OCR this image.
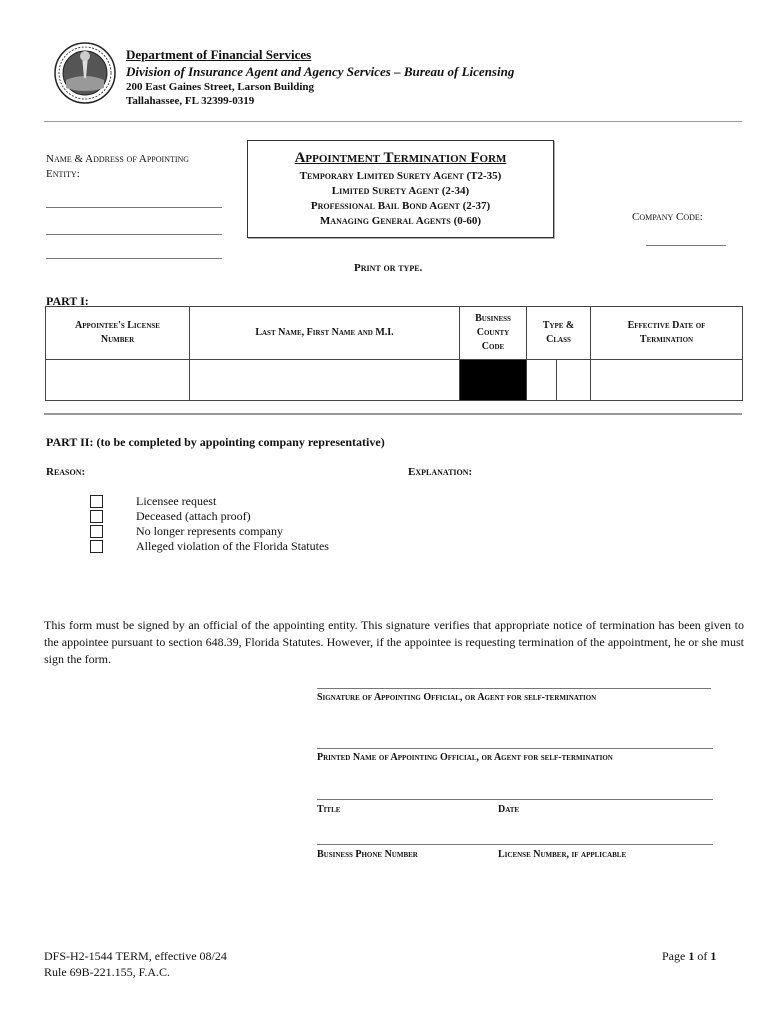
Department of Financial Services
Division of Insurance Agent and Agency Services – Bureau of Licensing
200 East Gaines Street, Larson Building
Tallahassee, FL 32399-0319
Name & Address of Appointing
Entity:
Appointment Termination Form
Temporary Limited Surety Agent (T2-35)
Limited Surety Agent (2-34)
Professional Bail Bond Agent (2-37)
Managing General Agents (0-60)	Company Code:
Print or type.
PART I:
Appointee's License Number	Last Name, First Name and M.I.	Business County Code	Type & Class		Effective Date of Termination

PART II: (to be completed by appointing company representative)
Reason:	Explanation:
Licensee request
Deceased (attach proof)
No longer represents company
Alleged violation of the Florida Statutes
This form must be signed by an official of the appointing entity. This signature verifies that appropriate notice of termination has been given to the appointee pursuant to section 648.39, Florida Statutes. However, if the appointee is requesting termination of the appointment, he or she must sign the form.
Signature of Appointing Official, or Agent for self-termination
Printed Name of Appointing Official, or Agent for self-termination
Title	Date
Business Phone Number	License Number, if applicable
DFS-H2-1544 TERM, effective 08/24
Rule 69B-221.155, F.A.C.
Page 1 of 1
